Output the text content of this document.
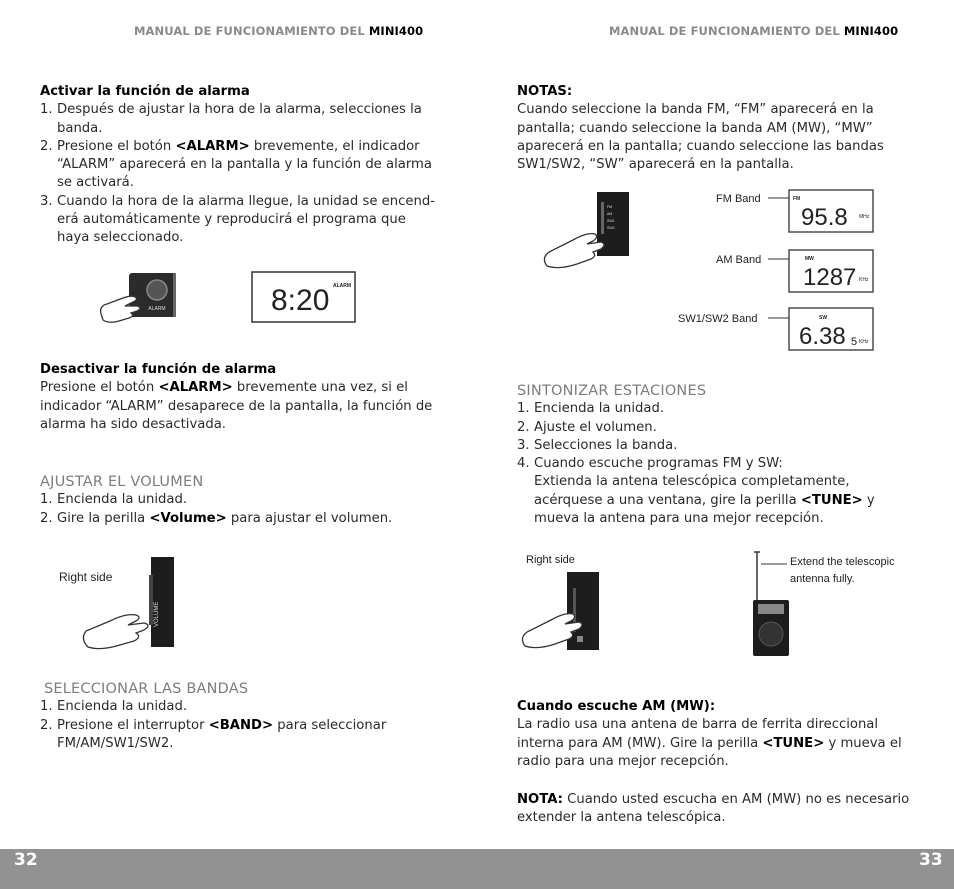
MANUAL DE FUNCIONAMIENTO DEL MINI400	MANUAL DE FUNCIONAMIENTO DEL MINI400
Activar la función de alarma
1. Después de ajustar la hora de la alarma, selecciones la banda.
2. Presione el botón <ALARM> brevemente, el indicador “ALARM” aparecerá en la pantalla y la función de alarma se activará.
3. Cuando la hora de la alarma llegue, la unidad se encend-erá automáticamente y reproducirá el programa que haya seleccionado.
ALARM	8:20 ALARM
Desactivar la función de alarma

Presione el botón <ALARM> brevemente una vez, si el indicador “ALARM” desaparece de la pantalla, la función de alarma ha sido desactivada.

AJUSTAR EL VOLUMEN
1. Encienda la unidad.
2. Gire la perilla <Volume> para ajustar el volumen.
Right side
VOLUME
SELECCIONAR LAS BANDAS
1. Encienda la unidad.
2. Presione el interruptor <BAND> para seleccionar FM/AM/SW1/SW2.
NOTAS:

Cuando seleccione la banda FM, “FM” aparecerá en la pantalla; cuando seleccione la banda AM (MW), “MW” aparecerá en la pantalla; cuando seleccione las bandas SW1/SW2, “SW” aparecerá en la pantalla.

FM
AM
SW1
SW2
FM Band	FM
95.8 MHz
AM Band	MW
1287 KHz
SW1/SW2 Band	SW
6.38 5 KHz
SINTONIZAR ESTACIONES
1. Encienda la unidad.
2. Ajuste el volumen.
3. Selecciones la banda.
4. Cuando escuche programas FM y SW:

Extienda la antena telescópica completamente, acérquese a una ventana, gire la perilla <TUNE> y mueva la antena para una mejor recepción.

Right side	Extend the telescopic
antenna fully.
Cuando escuche AM (MW):

La radio usa una antena de barra de ferrita direccional interna para AM (MW). Gire la perilla <TUNE> y mueva el radio para una mejor recepción.

NOTA: Cuando usted escucha en AM (MW) no es necesario extender la antena telescópica.

32	33
